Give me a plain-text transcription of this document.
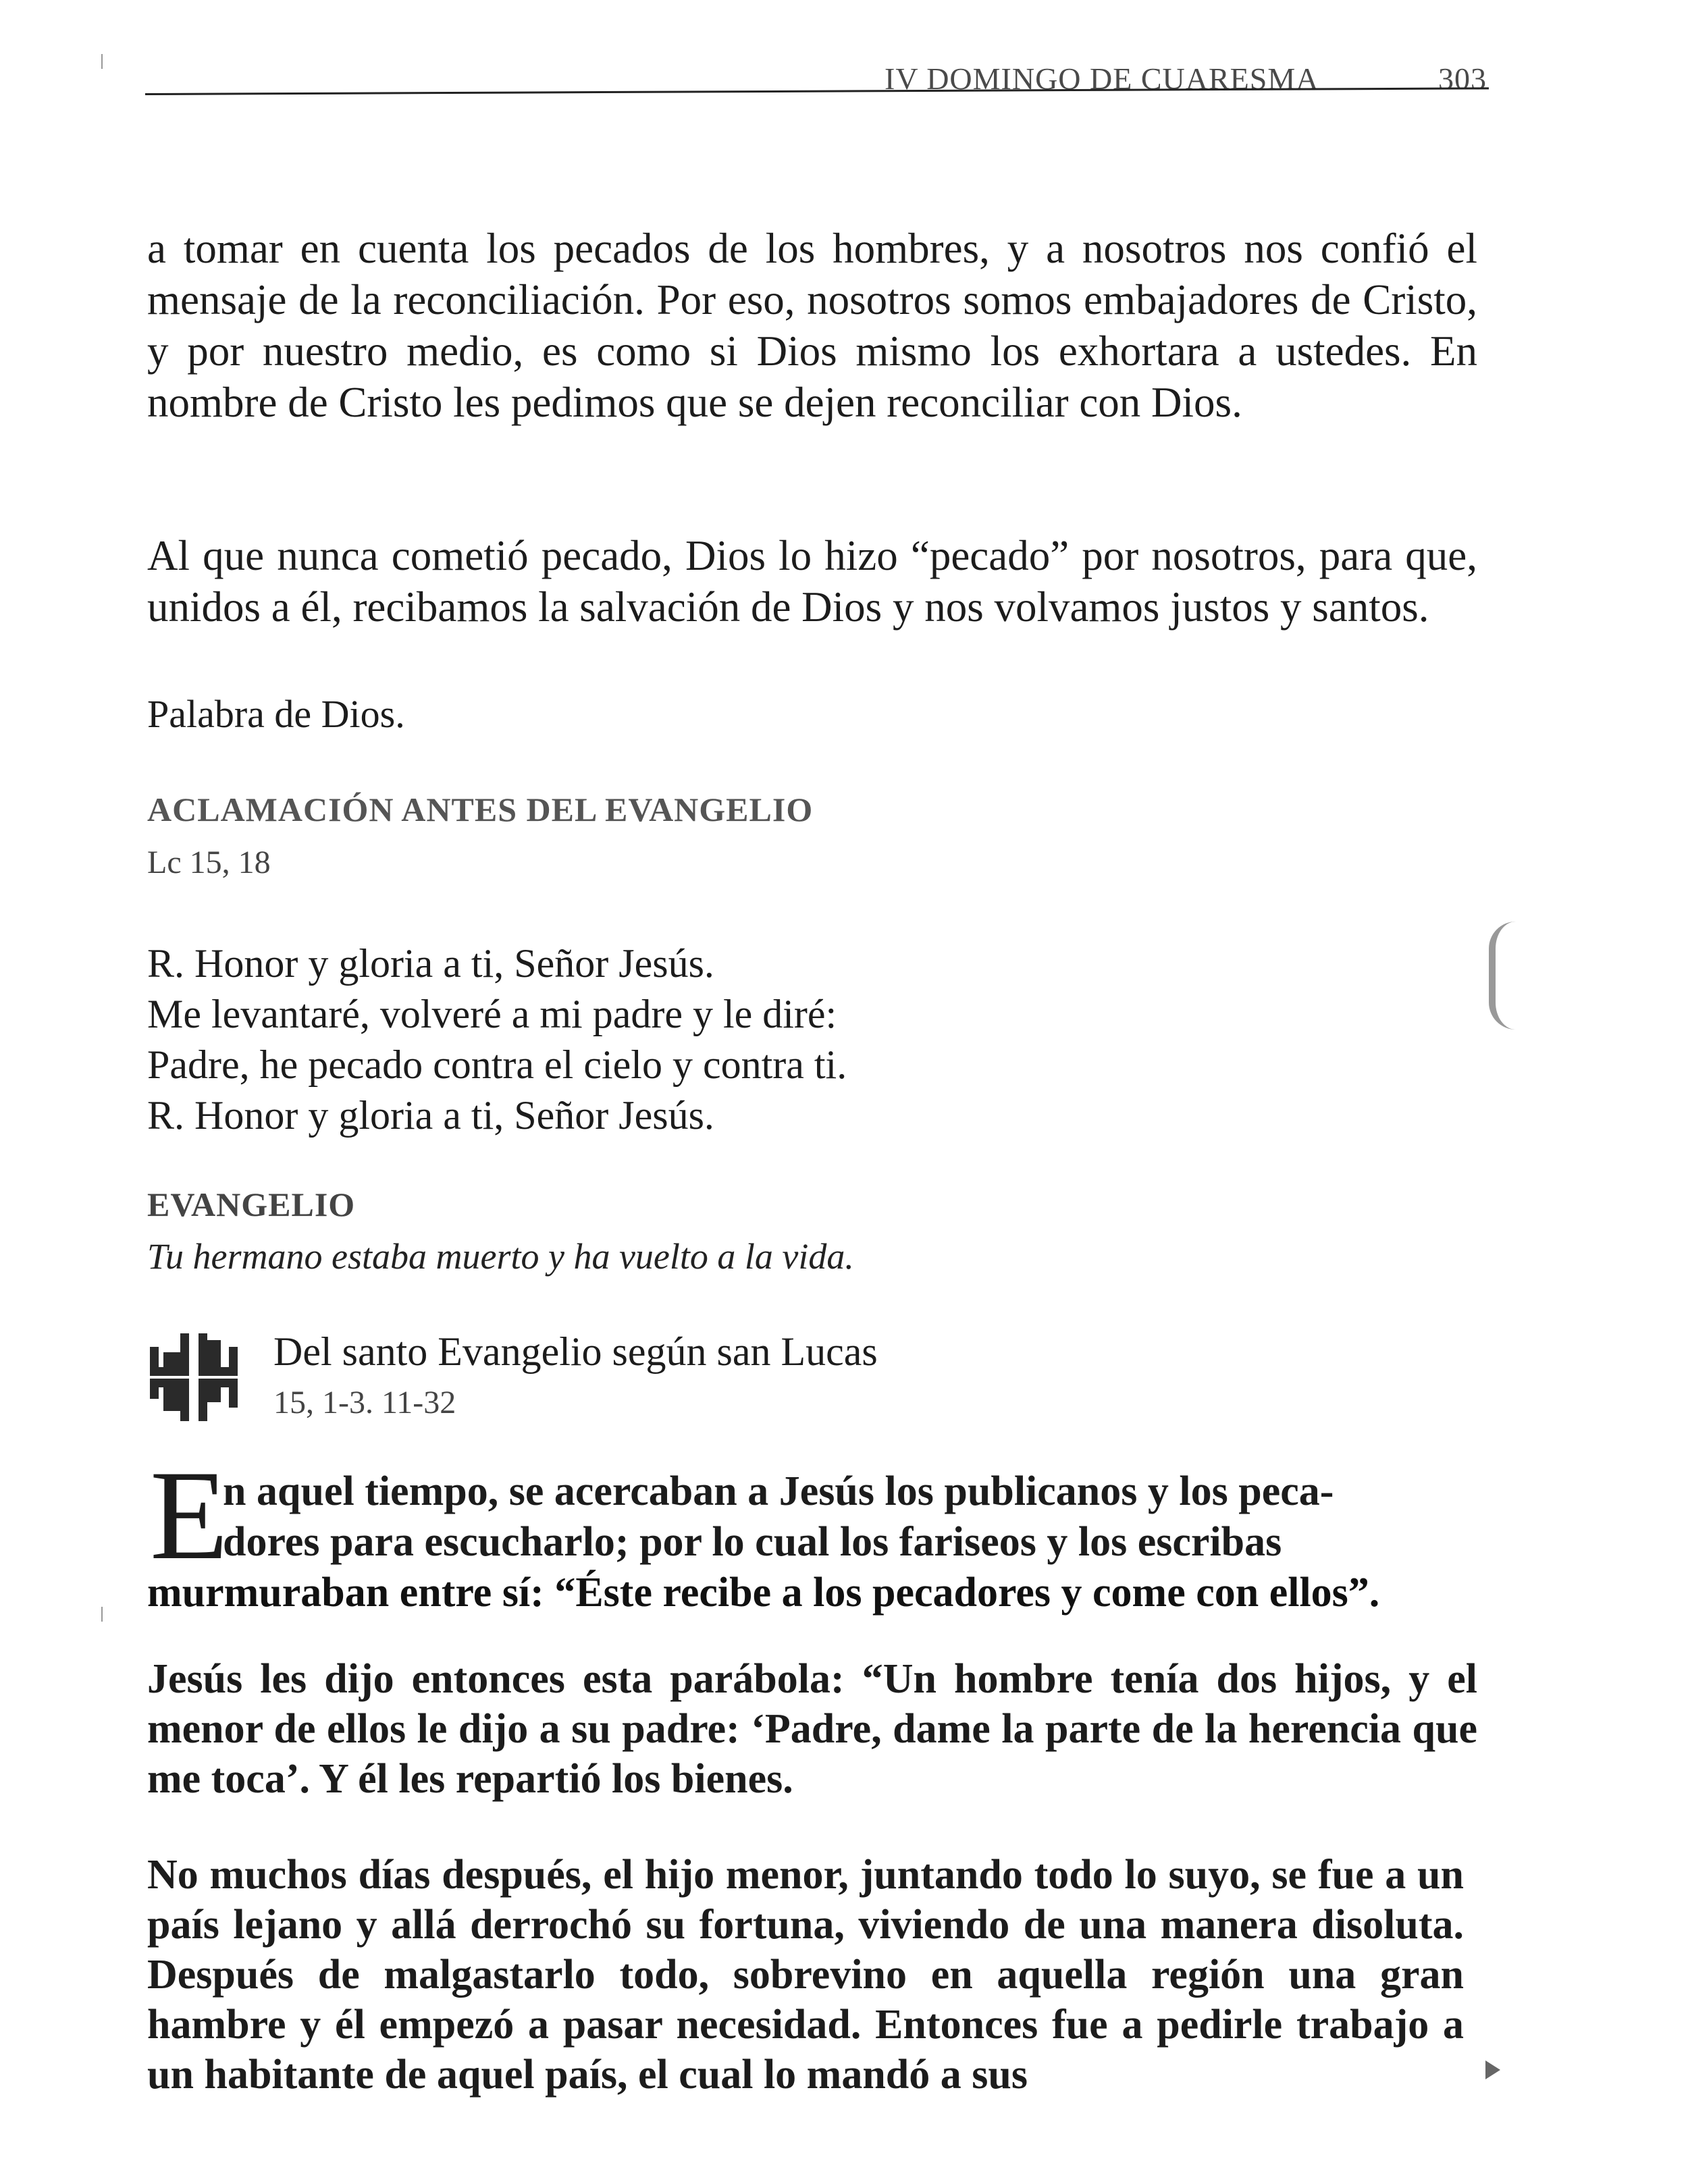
IV DOMINGO DE CUARESMA	303

a tomar en cuenta los pecados de los hombres, y a nosotros nos confió el mensaje de la reconciliación. Por eso, nosotros somos embajadores de Cristo, y por nuestro medio, es como si Dios mismo los exhortara a ustedes. En nombre de Cristo les pedimos que se dejen reconciliar con Dios.

Al que nunca cometió pecado, Dios lo hizo “pecado” por nosotros, para que, unidos a él, recibamos la salvación de Dios y nos volvamos justos y santos.

Palabra de Dios.

ACLAMACIÓN ANTES DEL EVANGELIO
Lc 15, 18
R. Honor y gloria a ti, Señor Jesús.
Me levantaré, volveré a mi padre y le diré:
Padre, he pecado contra el cielo y contra ti.
R. Honor y gloria a ti, Señor Jesús.
EVANGELIO
Tu hermano estaba muerto y ha vuelto a la vida.
Del santo Evangelio según san Lucas
15, 1-3. 11-32
E
n aquel tiempo, se acercaban a Jesús los publicanos y los peca-
dores para escucharlo; por lo cual los fariseos y los escribas
murmuraban entre sí: “Éste recibe a los pecadores y come con ellos”.

Jesús les dijo entonces esta parábola: “Un hombre tenía dos hijos, y el menor de ellos le dijo a su padre: ‘Padre, dame la parte de la herencia que me toca’. Y él les repartió los bienes.

No muchos días después, el hijo menor, juntando todo lo suyo, se fue a un país lejano y allá derrochó su fortuna, viviendo de una manera disoluta. Después de malgastarlo todo, sobrevino en aquella región una gran hambre y él empezó a pasar necesidad. Entonces fue a pedirle trabajo a un habitante de aquel país, el cual lo mandó a sus
